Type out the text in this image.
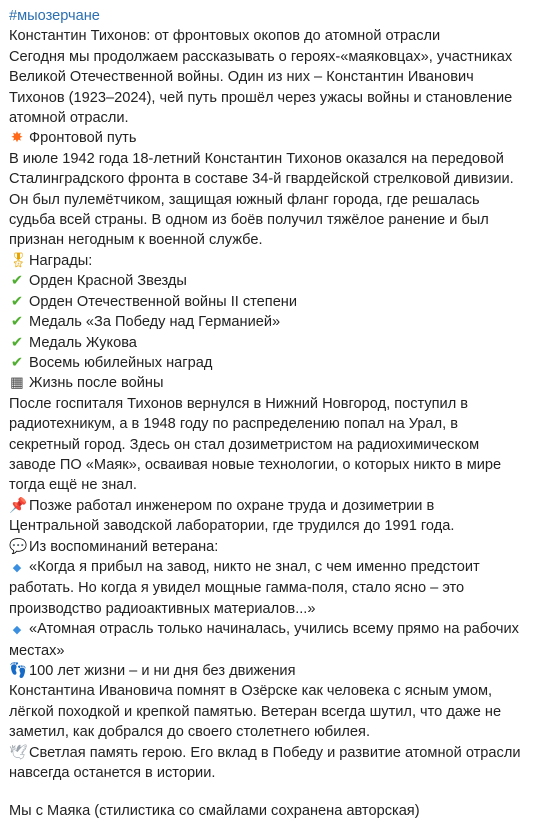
#мыозерчане

Константин Тихонов: от фронтовых окопов до атомной отрасли

Сегодня мы продолжаем рассказывать о героях-«маяковцах», участниках Великой Отечественной войны. Один из них – Константин Иванович Тихонов (1923–2024), чей путь прошёл через ужасы войны и становление атомной отрасли.

✸ Фронтовой путь

В июле 1942 года 18-летний Константин Тихонов оказался на передовой Сталинградского фронта в составе 34-й гвардейской стрелковой дивизии. Он был пулемётчиком, защищая южный фланг города, где решалась судьба всей страны. В одном из боёв получил тяжёлое ранение и был признан негодным к военной службе.

🎖Награды:

✔ Орден Красной Звезды

✔ Орден Отечественной войны II степени

✔ Медаль «За Победу над Германией»

✔ Медаль Жукова

✔ Восемь юбилейных наград

▦ Жизнь после войны

После госпиталя Тихонов вернулся в Нижний Новгород, поступил в радиотехникум, а в 1948 году по распределению попал на Урал, в секретный город. Здесь он стал дозиметристом на радиохимическом заводе ПО «Маяк», осваивая новые технологии, о которых никто в мире тогда ещё не знал.

📌 Позже работал инженером по охране труда и дозиметрии в Центральной заводской лаборатории, где трудился до 1991 года.

💬 Из воспоминаний ветерана:

◆ «Когда я прибыл на завод, никто не знал, с чем именно предстоит работать. Но когда я увидел мощные гамма-поля, стало ясно – это производство радиоактивных материалов...»

◆ «Атомная отрасль только начиналась, учились всему прямо на рабочих местах»

👣 100 лет жизни – и ни дня без движения

Константина Ивановича помнят в Озёрске как человека с ясным умом, лёгкой походкой и крепкой памятью. Ветеран всегда шутил, что даже не заметил, как добрался до своего столетнего юбилея.

🕊Светлая память герою. Его вклад в Победу и развитие атомной отрасли навсегда останется в истории.

Мы с Маяка (стилистика со смайлами сохранена авторская)
